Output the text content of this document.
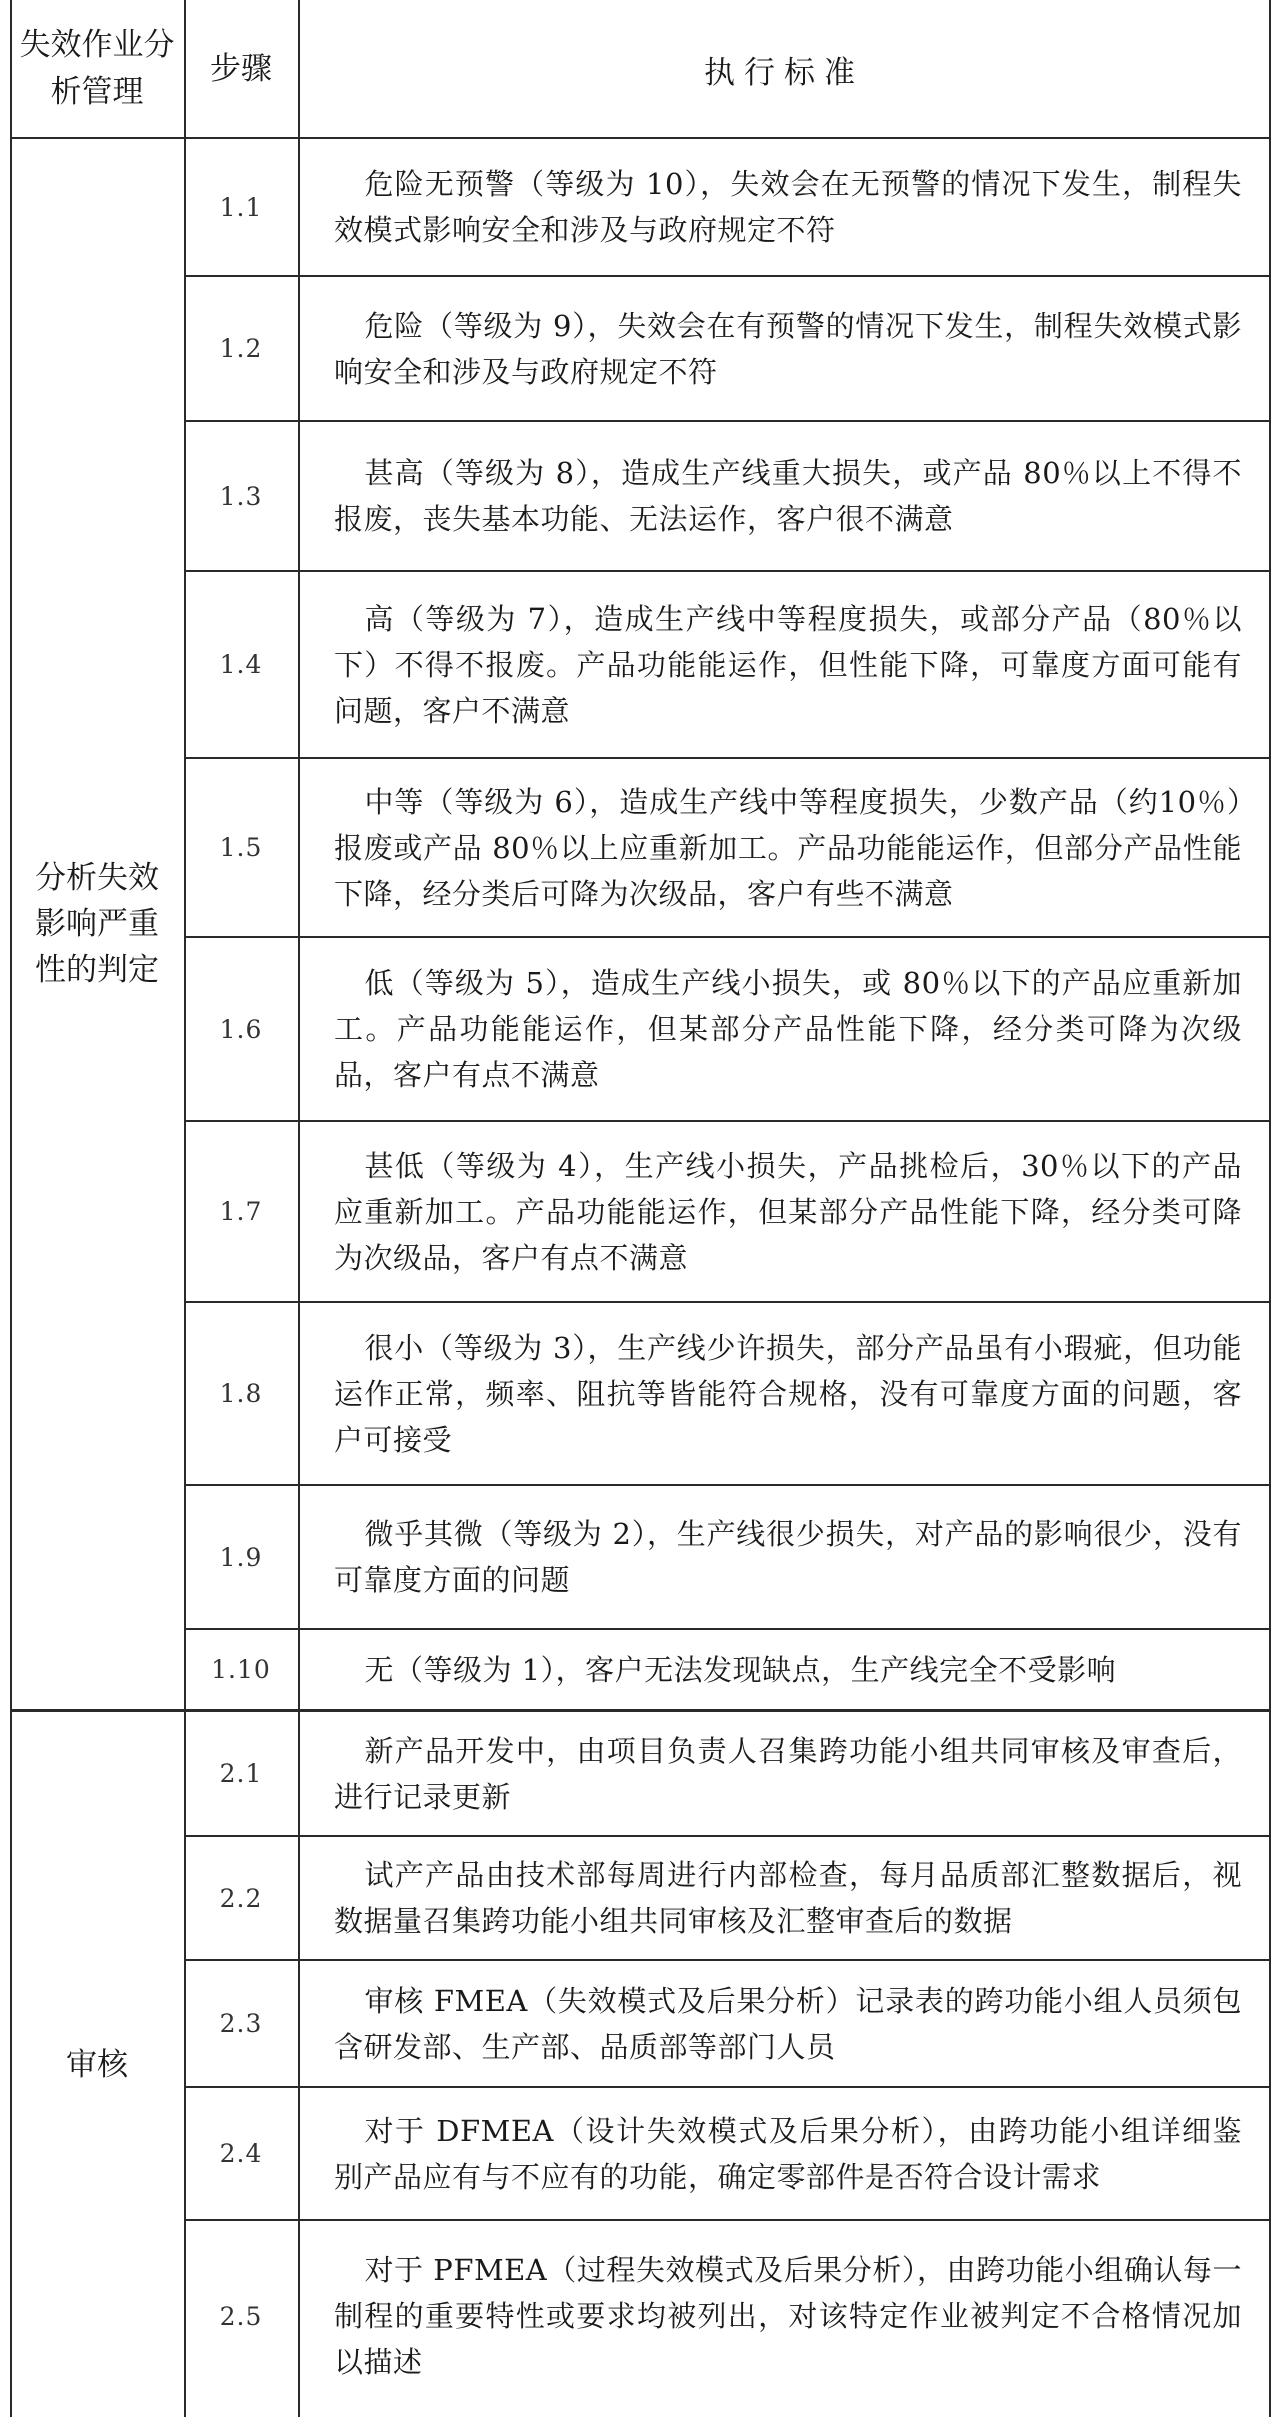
失效作业分析管理
步骤	执行标准
分析失效影响严重性的判定
1.1
危险无预警（等级为 10），失效会在无预警的情况下发生，制程失效模式影响安全和涉及与政府规定不符
1.2
危险（等级为 9），失效会在有预警的情况下发生，制程失效模式影响安全和涉及与政府规定不符
1.3
甚高（等级为 8），造成生产线重大损失，或产品 80％以上不得不报废，丧失基本功能、无法运作，客户很不满意
1.4
高（等级为 7），造成生产线中等程度损失，或部分产品（80％以下）不得不报废。产品功能能运作，但性能下降，可靠度方面可能有问题，客户不满意
1.5
中等（等级为 6），造成生产线中等程度损失，少数产品（约10％）报废或产品 80％以上应重新加工。产品功能能运作，但部分产品性能下降，经分类后可降为次级品，客户有些不满意
1.6
低（等级为 5），造成生产线小损失，或 80％以下的产品应重新加工。产品功能能运作，但某部分产品性能下降，经分类可降为次级品，客户有点不满意
1.7
甚低（等级为 4），生产线小损失，产品挑检后，30％以下的产品应重新加工。产品功能能运作，但某部分产品性能下降，经分类可降为次级品，客户有点不满意
1.8
很小（等级为 3），生产线少许损失，部分产品虽有小瑕疵，但功能运作正常，频率、阻抗等皆能符合规格，没有可靠度方面的问题，客户可接受
1.9
微乎其微（等级为 2），生产线很少损失，对产品的影响很少，没有可靠度方面的问题
1.10	无（等级为 1），客户无法发现缺点，生产线完全不受影响
审核
2.1
新产品开发中，由项目负责人召集跨功能小组共同审核及审查后，进行记录更新
2.2
试产产品由技术部每周进行内部检查，每月品质部汇整数据后，视数据量召集跨功能小组共同审核及汇整审查后的数据
2.3
审核 FMEA（失效模式及后果分析）记录表的跨功能小组人员须包含研发部、生产部、品质部等部门人员
2.4
对于 DFMEA（设计失效模式及后果分析），由跨功能小组详细鉴别产品应有与不应有的功能，确定零部件是否符合设计需求
2.5
对于 PFMEA（过程失效模式及后果分析），由跨功能小组确认每一制程的重要特性或要求均被列出，对该特定作业被判定不合格情况加以描述
